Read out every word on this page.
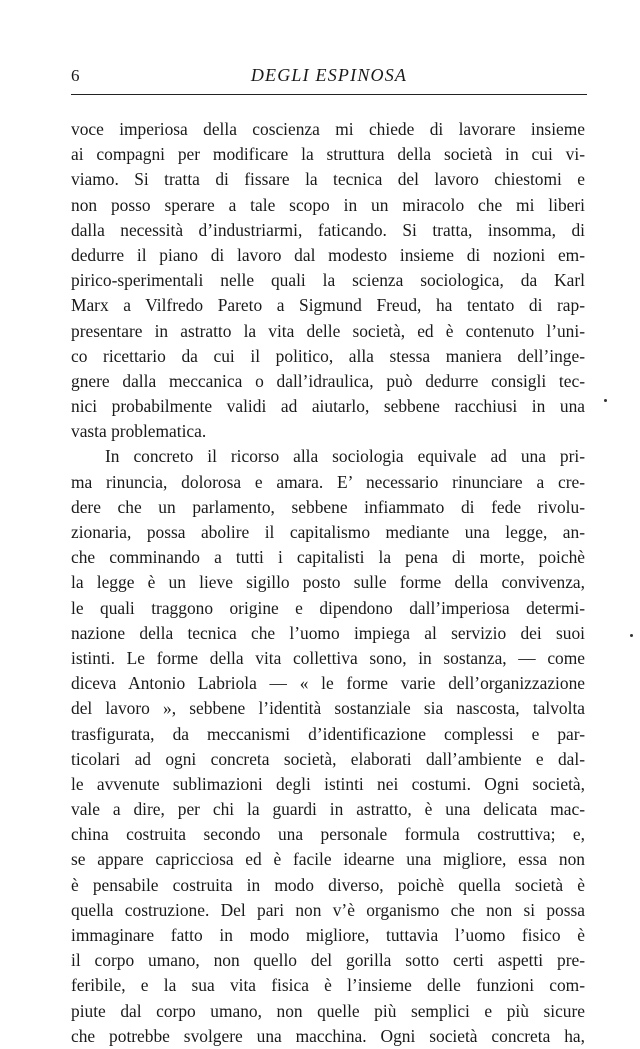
6	DEGLI ESPINOSA
voce imperiosa della coscienza mi chiede di lavorare insieme
ai compagni per modificare la struttura della società in cui vi-
viamo. Si tratta di fissare la tecnica del lavoro chiestomi e
non posso sperare a tale scopo in un miracolo che mi liberi
dalla necessità d’industriarmi, faticando. Si tratta, insomma, di
dedurre il piano di lavoro dal modesto insieme di nozioni em-
pirico-sperimentali nelle quali la scienza sociologica, da Karl
Marx a Vilfredo Pareto a Sigmund Freud, ha tentato di rap-
presentare in astratto la vita delle società, ed è contenuto l’uni-
co ricettario da cui il politico, alla stessa maniera dell’inge-
gnere dalla meccanica o dall’idraulica, può dedurre consigli tec-
nici probabilmente validi ad aiutarlo, sebbene racchiusi in una
vasta problematica.
In concreto il ricorso alla sociologia equivale ad una pri-
ma rinuncia, dolorosa e amara. E’ necessario rinunciare a cre-
dere che un parlamento, sebbene infiammato di fede rivolu-
zionaria, possa abolire il capitalismo mediante una legge, an-
che comminando a tutti i capitalisti la pena di morte, poichè
la legge è un lieve sigillo posto sulle forme della convivenza,
le quali traggono origine e dipendono dall’imperiosa determi-
nazione della tecnica che l’uomo impiega al servizio dei suoi
istinti. Le forme della vita collettiva sono, in sostanza, — come
diceva Antonio Labriola — « le forme varie dell’organizzazione
del lavoro », sebbene l’identità sostanziale sia nascosta, talvolta
trasfigurata, da meccanismi d’identificazione complessi e par-
ticolari ad ogni concreta società, elaborati dall’ambiente e dal-
le avvenute sublimazioni degli istinti nei costumi. Ogni società,
vale a dire, per chi la guardi in astratto, è una delicata mac-
china costruita secondo una personale formula costruttiva; e,
se appare capricciosa ed è facile idearne una migliore, essa non
è pensabile costruita in modo diverso, poichè quella società è
quella costruzione. Del pari non v’è organismo che non si possa
immaginare fatto in modo migliore, tuttavia l’uomo fisico è
il corpo umano, non quello del gorilla sotto certi aspetti pre-
feribile, e la sua vita fisica è l’insieme delle funzioni com-
piute dal corpo umano, non quelle più semplici e più sicure
che potrebbe svolgere una macchina. Ogni società concreta ha,
